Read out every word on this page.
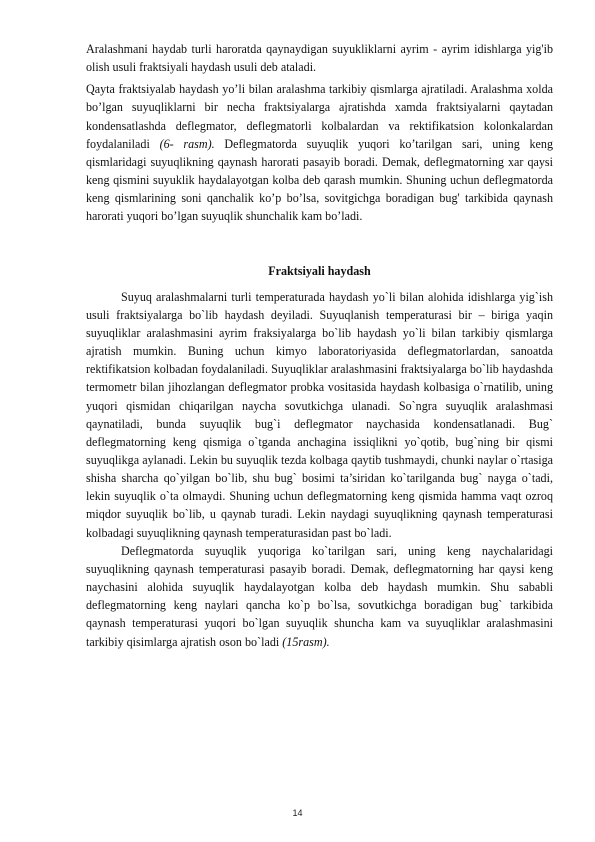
Aralashmani haydab turli haroratda qaynaydigan suyukliklarni ayrim - ayrim idishlarga yig'ib olish usuli fraktsiyali haydash usuli deb ataladi.

Qayta fraktsiyalab haydash yo’li bilan aralashma tarkibiy qismlarga ajratiladi. Aralashma xolda bo’lgan suyuqliklarni bir necha fraktsiyalarga ajratishda xamda fraktsiyalarni qaytadan kondensatlashda deflegmator, deflegmatorli kolbalardan va rektifikatsion kolonkalardan foydalaniladi (6- rasm). Deflegmatorda suyuqlik yuqori ko’tarilgan sari, uning keng qismlaridagi suyuqlikning qaynash harorati pasayib boradi. Demak, deflegmatorning xar qaysi keng qismini suyuklik haydalayotgan kolba deb qarash mumkin. Shuning uchun deflegmatorda keng qismlarining soni qanchalik ko’p bo’lsa, sovitgichga boradigan bug' tarkibida qaynash harorati yuqori bo’lgan suyuqlik shunchalik kam bo’ladi.

Fraktsiyali haydash

Suyuq aralashmalarni turli temperaturada haydash yo`li bilan alohida idishlarga yig`ish usuli fraktsiyalarga bo`lib haydash deyiladi. Suyuqlanish temperaturasi bir – biriga yaqin suyuqliklar aralashmasini ayrim fraksiyalarga bo`lib haydash yo`li bilan tarkibiy qismlarga ajratish mumkin. Buning uchun kimyo laboratoriyasida deflegmatorlardan, sanoatda rektifikatsion kolbadan foydalaniladi. Suyuqliklar aralashmasini fraktsiyalarga bo`lib haydashda termometr bilan jihozlangan deflegmator probka vositasida haydash kolbasiga o`rnatilib, uning yuqori qismidan chiqarilgan naycha sovutkichga ulanadi. So`ngra suyuqlik aralashmasi qaynatiladi, bunda suyuqlik bug`i deflegmator naychasida kondensatlanadi. Bug` deflegmatorning keng qismiga o`tganda anchagina issiqlikni yo`qotib, bug`ning bir qismi suyuqlikga aylanadi. Lekin bu suyuqlik tezda kolbaga qaytib tushmaydi, chunki naylar o`rtasiga shisha sharcha qo`yilgan bo`lib, shu bug` bosimi ta’siridan ko`tarilganda bug` nayga o`tadi, lekin suyuqlik o`ta olmaydi. Shuning uchun deflegmatorning keng qismida hamma vaqt ozroq miqdor suyuqlik bo`lib, u qaynab turadi. Lekin naydagi suyuqlikning qaynash temperaturasi kolbadagi suyuqlikning qaynash temperaturasidan past bo`ladi.

Deflegmatorda suyuqlik yuqoriga ko`tarilgan sari, uning keng naychalaridagi suyuqlikning qaynash temperaturasi pasayib boradi. Demak, deflegmatorning har qaysi keng naychasini alohida suyuqlik haydalayotgan kolba deb haydash mumkin. Shu sababli deflegmatorning keng naylari qancha ko`p bo`lsa, sovutkichga boradigan bug` tarkibida qaynash temperaturasi yuqori bo`lgan suyuqlik shuncha kam va suyuqliklar aralashmasini tarkibiy qisimlarga ajratish oson bo`ladi (15rasm).

14
